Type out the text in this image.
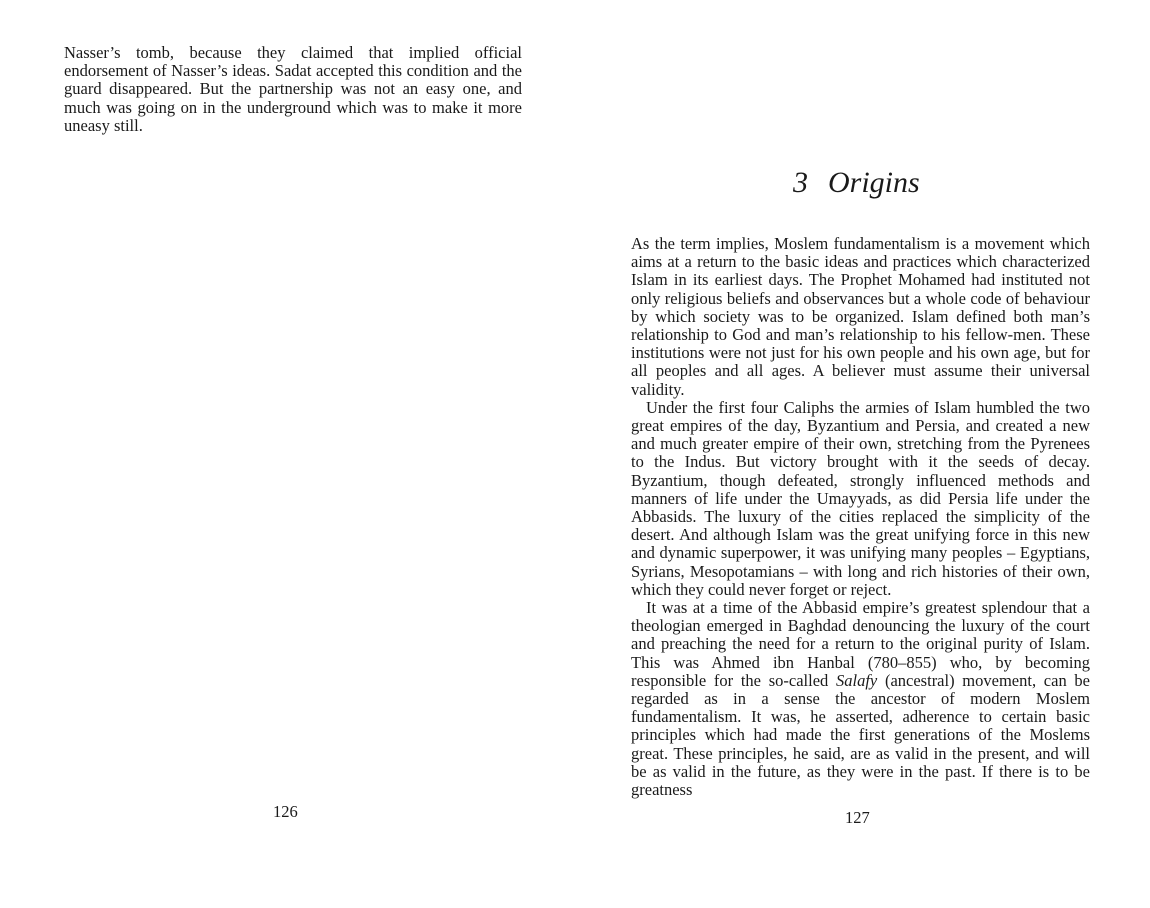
Nasser’s tomb, because they claimed that implied official endorsement of Nasser’s ideas. Sadat accepted this condition and the guard disappeared. But the partnership was not an easy one, and much was going on in the underground which was to make it more uneasy still.

126
3 Origins

As the term implies, Moslem fundamentalism is a movement which aims at a return to the basic ideas and practices which characterized Islam in its earliest days. The Prophet Mohamed had instituted not only religious beliefs and observances but a whole code of behaviour by which society was to be organized. Islam defined both man’s relationship to God and man’s relationship to his fellow-men. These institutions were not just for his own people and his own age, but for all peoples and all ages. A believer must assume their universal validity.

Under the first four Caliphs the armies of Islam humbled the two great empires of the day, Byzantium and Persia, and created a new and much greater empire of their own, stretching from the Pyrenees to the Indus. But victory brought with it the seeds of decay. Byzantium, though defeated, strongly influenced methods and manners of life under the Umayyads, as did Persia life under the Abbasids. The luxury of the cities replaced the simplicity of the desert. And although Islam was the great unifying force in this new and dynamic superpower, it was unifying many peoples – Egyptians, Syrians, Mesopotamians – with long and rich histories of their own, which they could never forget or reject.

It was at a time of the Abbasid empire’s greatest splendour that a theologian emerged in Baghdad denouncing the luxury of the court and preaching the need for a return to the original purity of Islam. This was Ahmed ibn Hanbal (780–855) who, by becoming responsible for the so-called Salafy (ancestral) movement, can be regarded as in a sense the ancestor of modern Moslem fundamentalism. It was, he asserted, adherence to certain basic principles which had made the first generations of the Moslems great. These principles, he said, are as valid in the present, and will be as valid in the future, as they were in the past. If there is to be greatness

127
